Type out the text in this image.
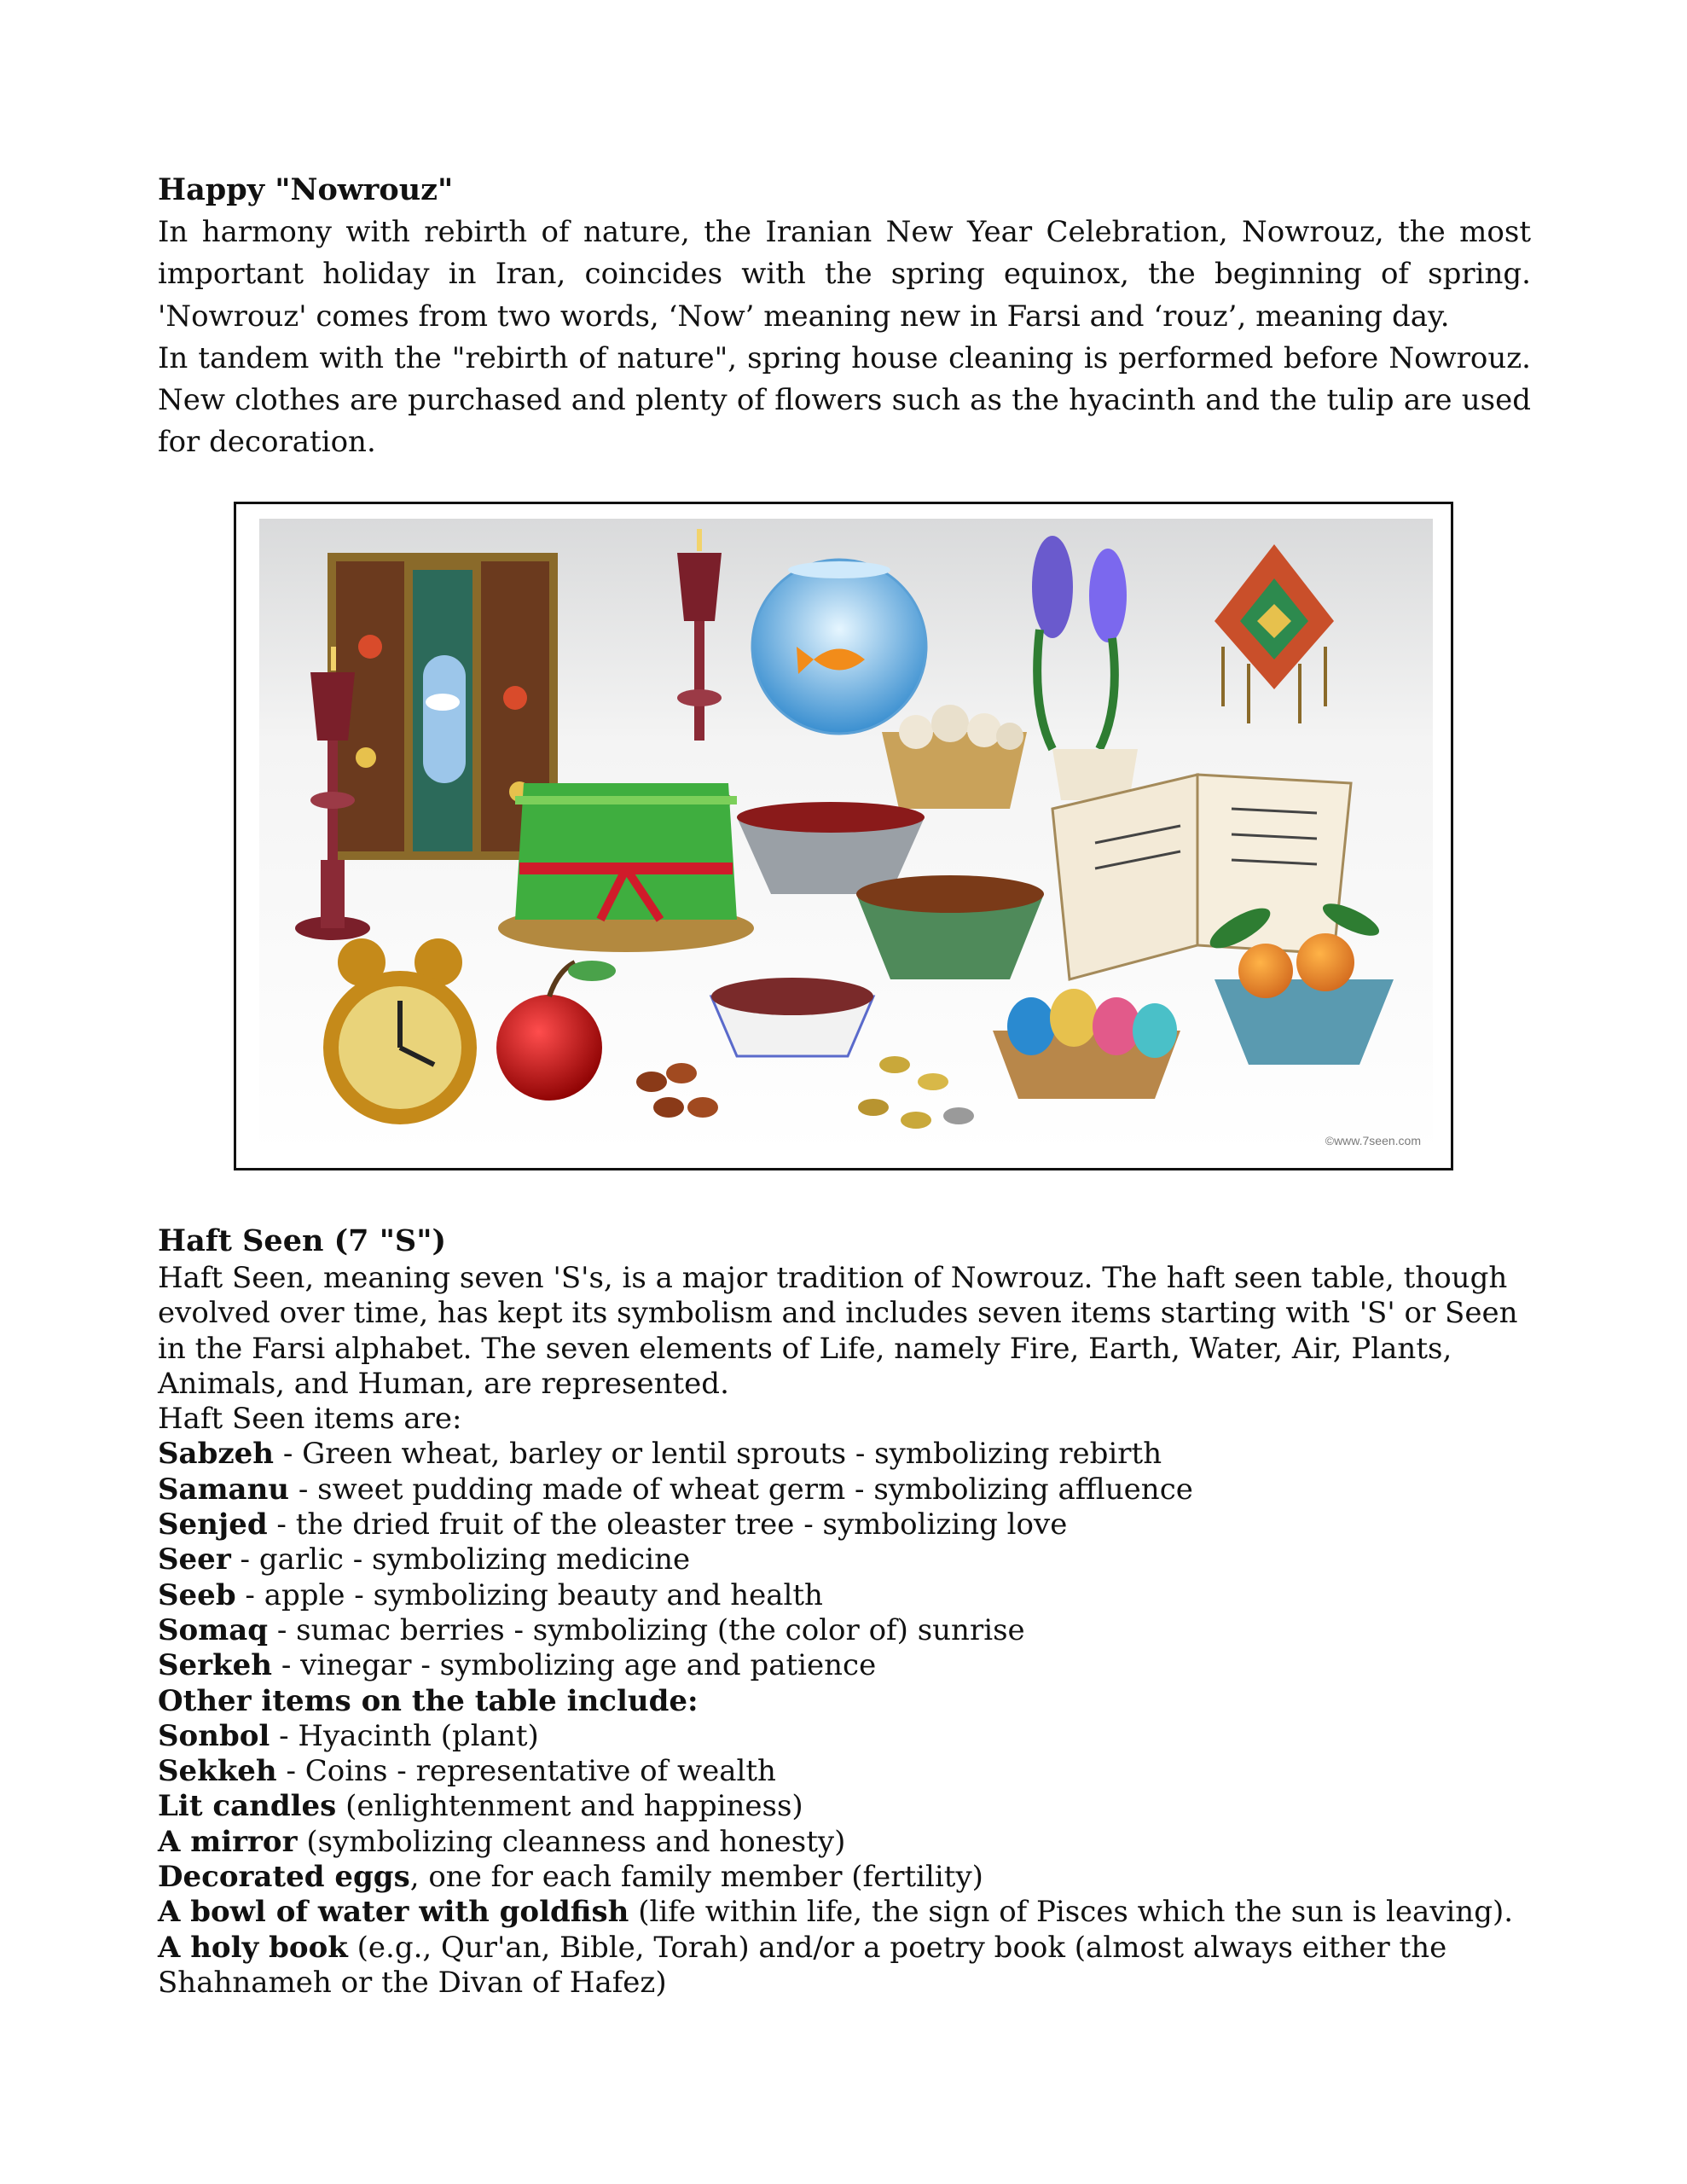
Happy "Nowrouz"

In harmony with rebirth of nature, the Iranian New Year Celebration, Nowrouz, the most important holiday in Iran, coincides with the spring equinox, the beginning of spring. 'Nowrouz' comes from two words, ‘Now’ meaning new in Farsi and ‘rouz’, meaning day.

In tandem with the "rebirth of nature", spring house cleaning is performed before Nowrouz. New clothes are purchased and plenty of flowers such as the hyacinth and the tulip are used for decoration.

©www.7seen.com
Haft Seen (7 "S")
Haft Seen, meaning seven 'S's, is a major tradition of Nowrouz. The haft seen table, though
evolved over time, has kept its symbolism and includes seven items starting with 'S' or Seen
in the Farsi alphabet. The seven elements of Life, namely Fire, Earth, Water, Air, Plants,
Animals, and Human, are represented.
Haft Seen items are:
Sabzeh - Green wheat, barley or lentil sprouts - symbolizing rebirth
Samanu - sweet pudding made of wheat germ - symbolizing affluence
Senjed - the dried fruit of the oleaster tree - symbolizing love
Seer - garlic - symbolizing medicine
Seeb - apple - symbolizing beauty and health
Somaq - sumac berries - symbolizing (the color of) sunrise
Serkeh - vinegar - symbolizing age and patience
Other items on the table include:
Sonbol - Hyacinth (plant)
Sekkeh - Coins - representative of wealth
Lit candles (enlightenment and happiness)
A mirror (symbolizing cleanness and honesty)
Decorated eggs, one for each family member (fertility)
A bowl of water with goldfish (life within life, the sign of Pisces which the sun is leaving).
A holy book (e.g., Qur'an, Bible, Torah) and/or a poetry book (almost always either the
Shahnameh or the Divan of Hafez)
